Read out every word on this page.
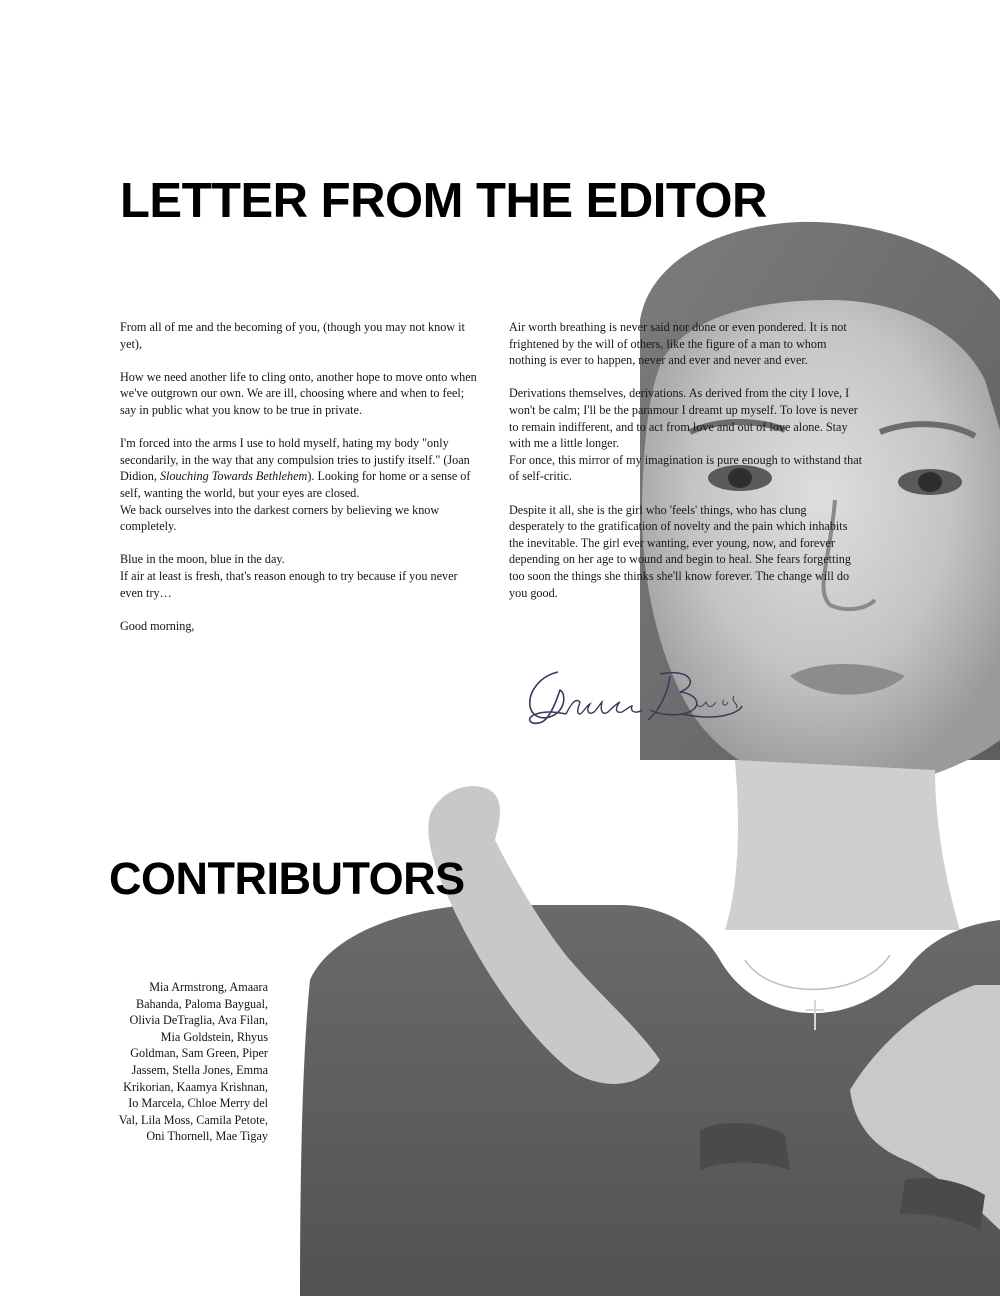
LETTER FROM THE EDITOR

From all of me and the becoming of you, (though you may not know it yet),

How we need another life to cling onto, another hope to move onto when we've outgrown our own. We are ill, choosing where and when to feel; say in public what you know to be true in private.

I'm forced into the arms I use to hold myself, hating my body "only secondarily, in the way that any compulsion tries to justify itself." (Joan Didion, Slouching Towards Bethlehem). Looking for home or a sense of self, wanting the world, but your eyes are closed.

We back ourselves into the darkest corners by believing we know completely.

Blue in the moon, blue in the day.

If air at least is fresh, that's reason enough to try because if you never even try…

Good morning,

Air worth breathing is never said nor done or even pondered. It is not frightened by the will of others, like the figure of a man to whom nothing is ever to happen, never and ever and never and ever.

Derivations themselves, derivations. As derived from the city I love, I won't be calm; I'll be the paramour I dreamt up myself. To love is never to remain indifferent, and to act from love and out of love alone. Stay with me a little longer.

For once, this mirror of my imagination is pure enough to withstand that of self-critic.

Despite it all, she is the girl who 'feels' things, who has clung desperately to the gratification of novelty and the pain which inhabits the inevitable. The girl ever wanting, ever young, now, and forever depending on her age to wound and begin to heal. She fears forgetting too soon the things she thinks she'll know forever. The change will do you good.

CONTRIBUTORS
Mia Armstrong, Amaara Bahanda, Paloma Baygual, Olivia DeTraglia, Ava Filan, Mia Goldstein, Rhyus Goldman, Sam Green, Piper Jassem, Stella Jones, Emma Krikorian, Kaamya Krishnan, Io Marcela, Chloe Merry del Val, Lila Moss, Camila Petote, Oni Thornell, Mae Tigay
